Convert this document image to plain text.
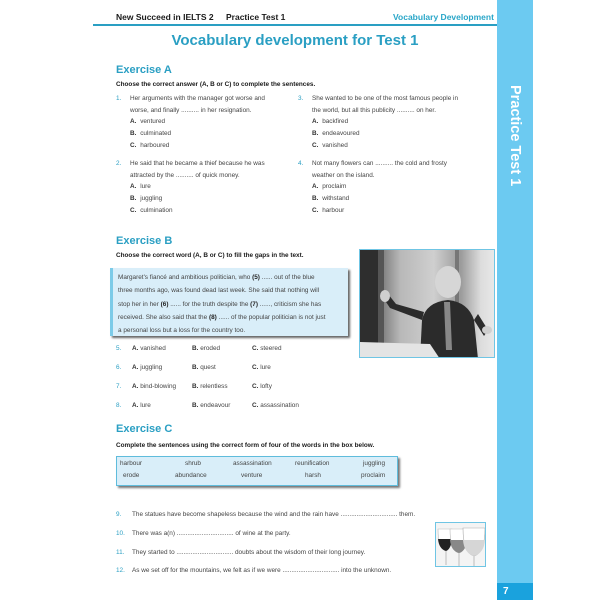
New Succeed in IELTS 2 Practice Test 1	Vocabulary Development
Practice Test 1
7
Vocabulary development for Test 1
Exercise A
Choose the correct answer (A, B or C) to complete the sentences.
1. Her arguments with the manager got worse and
worse, and finally .......... in her resignation.
A. ventured
B. culminated
C. harboured
2. He said that he became a thief because he was
attracted by the .......... of quick money.
A. lure
B. juggling
C. culmination
3. She wanted to be one of the most famous people in
the world, but all this publicity .......... on her.
A. backfired
B. endeavoured
C. vanished
4. Not many flowers can .......... the cold and frosty
weather on the island.
A. proclaim
B. withstand
C. harbour
Exercise B
Choose the correct word (A, B or C) to fill the gaps in the text.
Margaret's fiancé and ambitious politician, who (5) ...... out of the blue
three months ago, was found dead last week. She said that nothing will
stop her in her (6) ...... for the truth despite the (7) ......, criticism she has
received. She also said that the (8) ...... of the popular politician is not just
a personal loss but a loss for the country too.
5. A. vanished	B. eroded	C. steered
6. A. juggling	B. quest	C. lure
7. A. bind-blowing B. relentless	C. lofty
8. A. lure	B. endeavour	C. assassination
Exercise C
Complete the sentences using the correct form of four of the words in the box below.
harbour	shrub	assassination	reunification	juggling
erode	abundance	venture	harsh	proclaim
9. The statues have become shapeless because the wind and the rain have ................................ them.
10. There was a(n) ................................ of wine at the party.
11. They started to ................................ doubts about the wisdom of their long journey.
12. As we set off for the mountains, we felt as if we were ................................ into the unknown.
